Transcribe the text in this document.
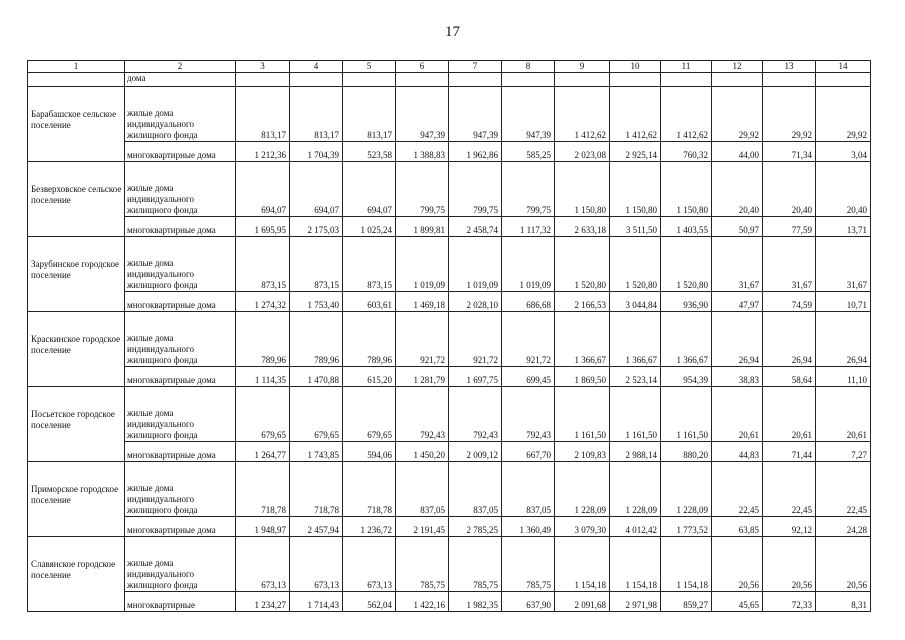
17
1	2	3	4	5	6	7	8	9	10	11	12	13	14
	дома												
Барабашское сельское поселение	жилые дома индивидуального жилищного фонда	813,17	813,17	813,17	947,39	947,39	947,39	1 412,62	1 412,62	1 412,62	29,92	29,92	29,92
	многоквартирные дома	1 212,36	1 704,39	523,58	1 388,83	1 962,86	585,25	2 023,08	2 925,14	760,32	44,00	71,34	3,04
Безверховское сельское поселение	жилые дома индивидуального жилищного фонда	694,07	694,07	694,07	799,75	799,75	799,75	1 150,80	1 150,80	1 150,80	20,40	20,40	20,40
	многоквартирные дома	1 695,95	2 175,03	1 025,24	1 899,81	2 458,74	1 117,32	2 633,18	3 511,50	1 403,55	50,97	77,59	13,71
Зарубинское городское поселение	жилые дома индивидуального жилищного фонда	873,15	873,15	873,15	1 019,09	1 019,09	1 019,09	1 520,80	1 520,80	1 520,80	31,67	31,67	31,67
	многоквартирные дома	1 274,32	1 753,40	603,61	1 469,18	2 028,10	686,68	2 166,53	3 044,84	936,90	47,97	74,59	10,71
Краскинское городское поселение	жилые дома индивидуального жилищного фонда	789,96	789,96	789,96	921,72	921,72	921,72	1 366,67	1 366,67	1 366,67	26,94	26,94	26,94
	многоквартирные дома	1 114,35	1 470,88	615,20	1 281,79	1 697,75	699,45	1 869,50	2 523,14	954,39	38,83	58,64	11,10
Посьетское городское поселение	жилые дома индивидуального жилищного фонда	679,65	679,65	679,65	792,43	792,43	792,43	1 161,50	1 161,50	1 161,50	20,61	20,61	20,61
	многоквартирные дома	1 264,77	1 743,85	594,06	1 450,20	2 009,12	667,70	2 109,83	2 988,14	880,20	44,83	71,44	7,27
Приморское городское поселение	жилые дома индивидуального жилищного фонда	718,78	718,78	718,78	837,05	837,05	837,05	1 228,09	1 228,09	1 228,09	22,45	22,45	22,45
	многоквартирные дома	1 948,97	2 457,94	1 236,72	2 191,45	2 785,25	1 360,49	3 079,30	4 012,42	1 773,52	63,85	92,12	24,28
Славянское городское поселение	жилые дома индивидуального жилищного фонда	673,13	673,13	673,13	785,75	785,75	785,75	1 154,18	1 154,18	1 154,18	20,56	20,56	20,56
	многоквартирные	1 234,27	1 714,43	562,04	1 422,16	1 982,35	637,90	2 091,68	2 971,98	859,27	45,65	72,33	8,31
